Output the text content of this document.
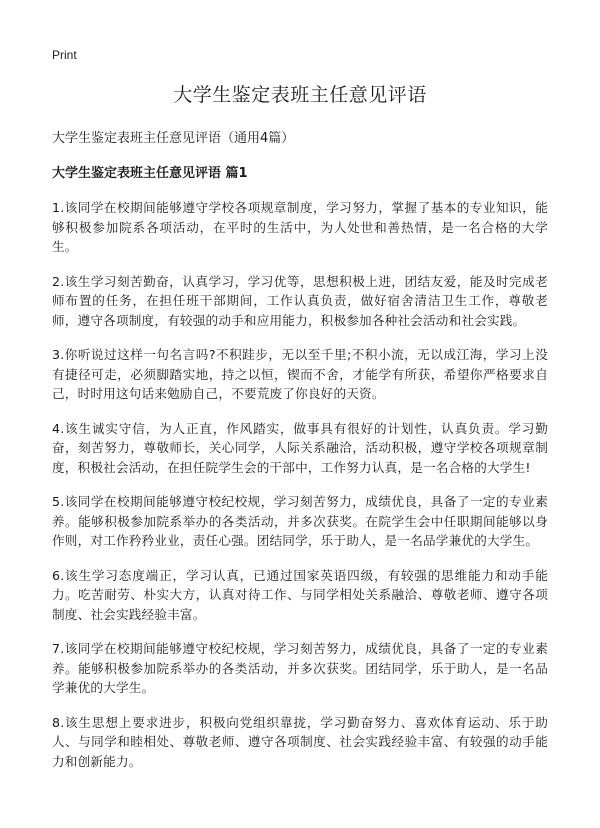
Print
大学生鉴定表班主任意见评语

大学生鉴定表班主任意见评语（通用4篇）

大学生鉴定表班主任意见评语 篇1

1.该同学在校期间能够遵守学校各项规章制度，学习努力，掌握了基本的专业知识，能够积极参加院系各项活动，在平时的生活中，为人处世和善热情，是一名合格的大学生。

2.该生学习刻苦勤奋，认真学习，学习优等，思想积极上进，团结友爱，能及时完成老师布置的任务，在担任班干部期间，工作认真负责，做好宿舍清洁卫生工作，尊敬老师，遵守各项制度，有较强的动手和应用能力，积极参加各种社会活动和社会实践。

3.你听说过这样一句名言吗?不积跬步，无以至千里;不积小流，无以成江海，学习上没有捷径可走，必须脚踏实地，持之以恒，锲而不舍，才能学有所获，希望你严格要求自己，时时用这句话来勉励自己，不要荒废了你良好的天资。

4.该生诚实守信，为人正直，作风踏实，做事具有很好的计划性，认真负责。学习勤奋，刻苦努力，尊敬师长，关心同学，人际关系融洽，活动积极，遵守学校各项规章制度，积极社会活动，在担任院学生会的干部中，工作努力认真，是一名合格的大学生!

5.该同学在校期间能够遵守校纪校规，学习刻苦努力，成绩优良，具备了一定的专业素养。能够积极参加院系举办的各类活动，并多次获奖。在院学生会中任职期间能够以身作则，对工作矜矜业业，责任心强。团结同学，乐于助人，是一名品学兼优的大学生。

6.该生学习态度端正，学习认真，已通过国家英语四级，有较强的思维能力和动手能力。吃苦耐劳、朴实大方，认真对待工作、与同学相处关系融洽、尊敬老师、遵守各项制度、社会实践经验丰富。

7.该同学在校期间能够遵守校纪校规，学习刻苦努力，成绩优良，具备了一定的专业素养。能够积极参加院系举办的各类活动，并多次获奖。团结同学，乐于助人，是一名品学兼优的大学生。

8.该生思想上要求进步，积极向党组织靠拢，学习勤奋努力、喜欢体育运动、乐于助人、与同学和睦相处、尊敬老师、遵守各项制度、社会实践经验丰富、有较强的动手能力和创新能力。
